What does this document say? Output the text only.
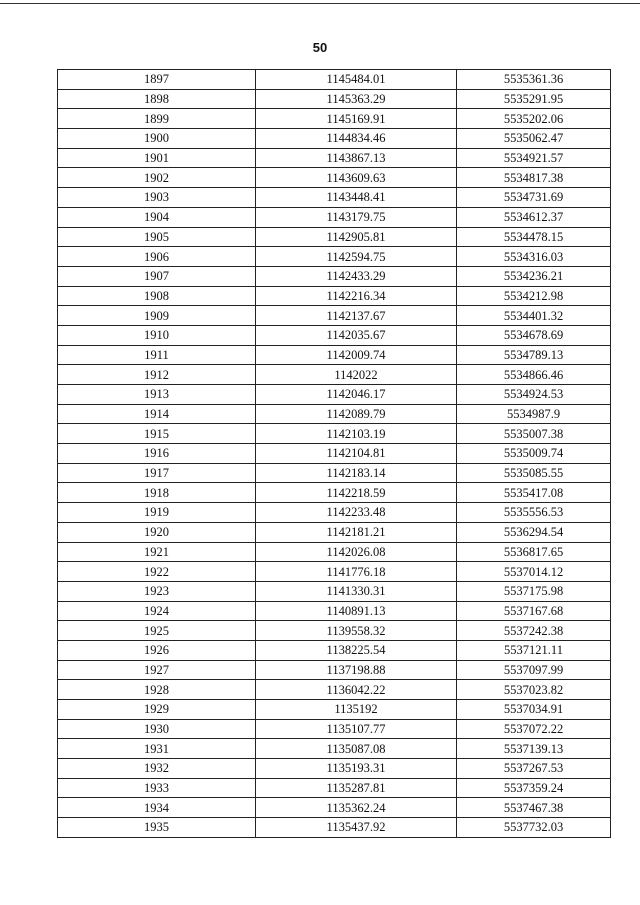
50
1897	1145484.01	5535361.36
1898	1145363.29	5535291.95
1899	1145169.91	5535202.06
1900	1144834.46	5535062.47
1901	1143867.13	5534921.57
1902	1143609.63	5534817.38
1903	1143448.41	5534731.69
1904	1143179.75	5534612.37
1905	1142905.81	5534478.15
1906	1142594.75	5534316.03
1907	1142433.29	5534236.21
1908	1142216.34	5534212.98
1909	1142137.67	5534401.32
1910	1142035.67	5534678.69
1911	1142009.74	5534789.13
1912	1142022	5534866.46
1913	1142046.17	5534924.53
1914	1142089.79	5534987.9
1915	1142103.19	5535007.38
1916	1142104.81	5535009.74
1917	1142183.14	5535085.55
1918	1142218.59	5535417.08
1919	1142233.48	5535556.53
1920	1142181.21	5536294.54
1921	1142026.08	5536817.65
1922	1141776.18	5537014.12
1923	1141330.31	5537175.98
1924	1140891.13	5537167.68
1925	1139558.32	5537242.38
1926	1138225.54	5537121.11
1927	1137198.88	5537097.99
1928	1136042.22	5537023.82
1929	1135192	5537034.91
1930	1135107.77	5537072.22
1931	1135087.08	5537139.13
1932	1135193.31	5537267.53
1933	1135287.81	5537359.24
1934	1135362.24	5537467.38
1935	1135437.92	5537732.03
